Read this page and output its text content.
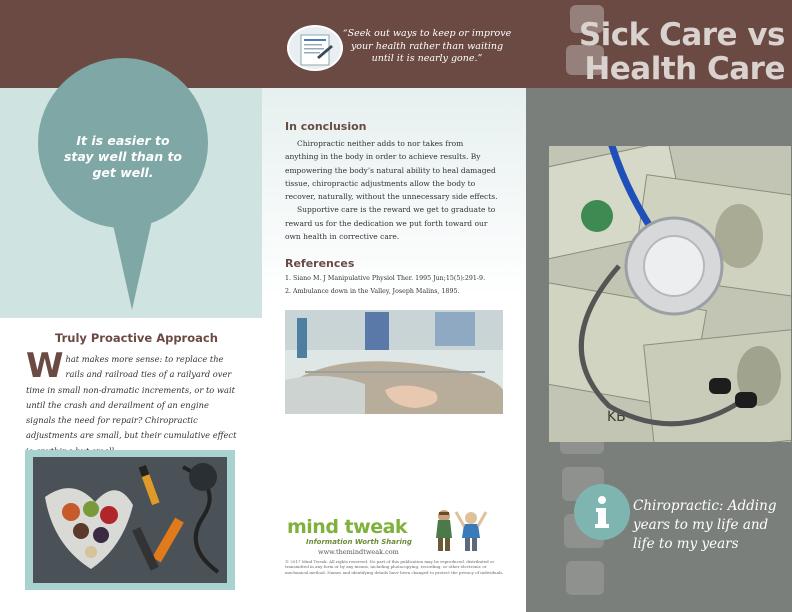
“Seek out ways to keep or improve your health rather than waiting until it is nearly gone.”
Sick Care vs
Health Care
It is easier to stay well than to get well.
Truly Proactive Approach
What makes more sense: to replace the rails and railroad ties of a railyard over time in small non-dramatic increments, or to wait until the crash and derailment of an engine signals the need for repair? Chiropractic adjustments are small, but their cumulative effect
In conclusion

Chiropractic neither adds to nor takes from anything in the body in order to achieve results. By empowering the body’s natural ability to heal damaged tissue, chiropractic adjustments allow the body to recover, naturally, without the unnecessary side effects.

Supportive care is the reward we get to graduate to reward us for the dedication we put forth toward our own health in corrective care.

References
1. Siano M. J Manipulative Physiol Ther. 1995 Jun;15(5):291-9.
2. Ambulance down in the Valley, Joseph Malins, 1895.
mind tweak
Information Worth Sharing
www.themindtweak.com
© 2017 Mind Tweak. All rights reserved. No part of this publication may be reproduced, distributed or transmitted in any form or by any means, including photocopying, recording, or other electronic or mechanical method. Names and identifying details have been changed to protect the privacy of individuals.
KB
Chiropractic: Adding years to my life and life to my years
